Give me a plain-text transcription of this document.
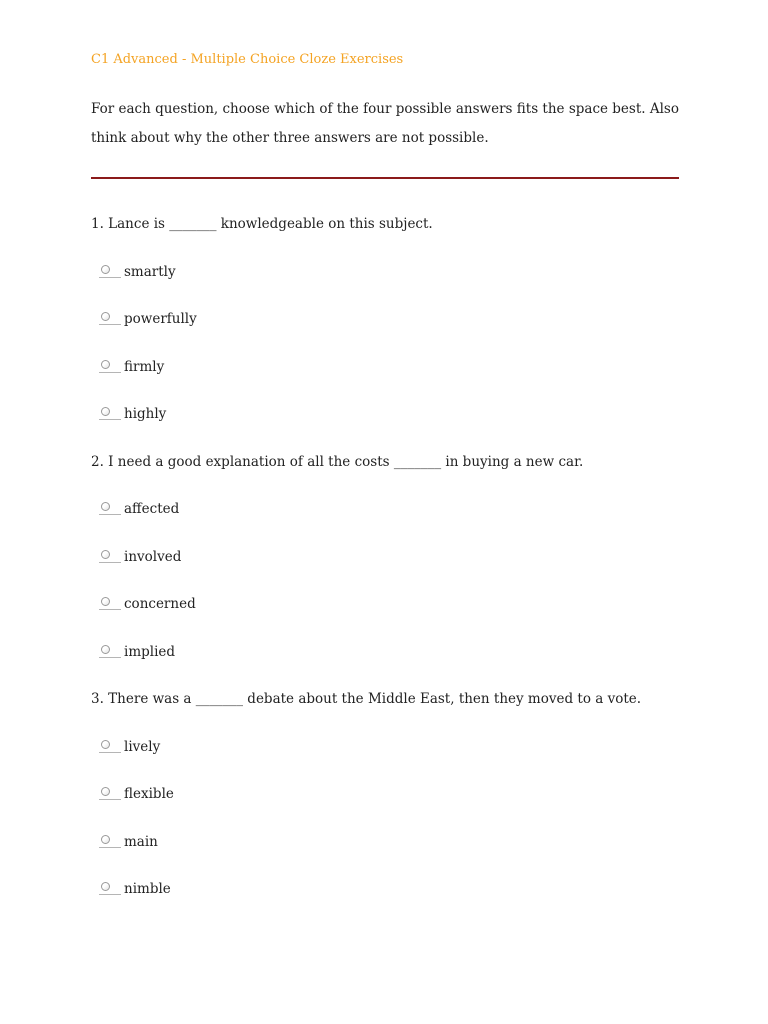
C1 Advanced - Multiple Choice Cloze Exercises
For each question, choose which of the four possible answers fits the space best. Also think about why the other three answers are not possible.
1. Lance is _______ knowledgeable on this subject.
smartly
powerfully
firmly
highly
2. I need a good explanation of all the costs _______ in buying a new car.
affected
involved
concerned
implied
3. There was a _______ debate about the Middle East, then they moved to a vote.
lively
flexible
main
nimble
